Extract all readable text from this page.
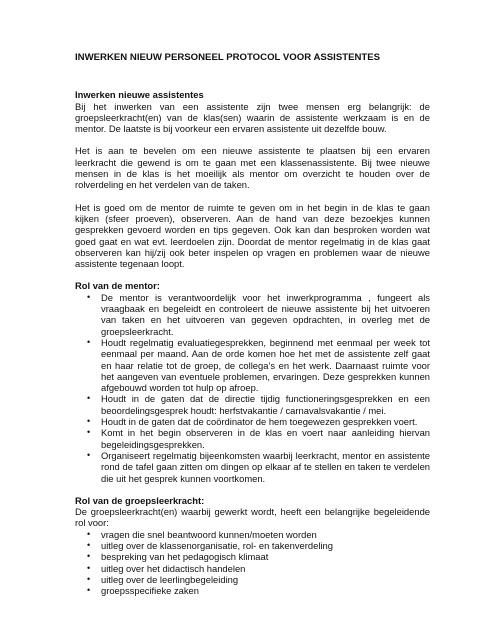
INWERKEN NIEUW PERSONEEL PROTOCOL VOOR ASSISTENTES

Inwerken nieuwe assistentes

Bij het inwerken van een assistente zijn twee mensen erg belangrijk: de groepsleerkracht(en) van de klas(sen) waarin de assistente werkzaam is en de mentor. De laatste is bij voorkeur een ervaren assistente uit dezelfde bouw.

Het is aan te bevelen om een nieuwe assistente te plaatsen bij een ervaren leerkracht die gewend is om te gaan met een klassenassistente. Bij twee nieuwe mensen in de klas is het moeilijk als mentor om overzicht te houden over de rolverdeling en het verdelen van de taken.

Het is goed om de mentor de ruimte te geven om in het begin in de klas te gaan kijken (sfeer proeven), observeren. Aan de hand van deze bezoekjes kunnen gesprekken gevoerd worden en tips gegeven. Ook kan dan besproken worden wat goed gaat en wat evt. leerdoelen zijn. Doordat de mentor regelmatig in de klas gaat observeren kan hij/zij ook beter inspelen op vragen en problemen waar de nieuwe assistente tegenaan loopt.

Rol van de mentor:

• De mentor is verantwoordelijk voor het inwerkprogramma , fungeert als vraagbaak en begeleidt en controleert de nieuwe assistente bij het uitvoeren van taken en het uitvoeren van gegeven opdrachten, in overleg met de groepsleerkracht.
• Houdt regelmatig evaluatiegesprekken, beginnend met eenmaal per week tot eenmaal per maand. Aan de orde komen hoe het met de assistente zelf gaat en haar relatie tot de groep, de collega’s en het werk. Daarnaast ruimte voor het aangeven van eventuele problemen, ervaringen. Deze gesprekken kunnen afgebouwd worden tot hulp op afroep.
• Houdt in de gaten dat de directie tijdig functioneringsgesprekken en een beoordelingsgesprek houdt: herfstvakantie / carnavalsvakantie / mei.
• Houdt in de gaten dat de coördinator de hem toegewezen gesprekken voert.
• Komt in het begin observeren in de klas en voert naar aanleiding hiervan begeleidingsgesprekken.
• Organiseert regelmatig bijeenkomsten waarbij leerkracht, mentor en assistente rond de tafel gaan zitten om dingen op elkaar af te stellen en taken te verdelen die uit het gesprek kunnen voortkomen.

Rol van de groepsleerkracht:

De groepsleerkracht(en) waarbij gewerkt wordt, heeft een belangrijke begeleidende rol voor:

• vragen die snel beantwoord kunnen/moeten worden
• uitleg over de klassenorganisatie, rol- en takenverdeling
• bespreking van het pedagogisch klimaat
• uitleg over het didactisch handelen
• uitleg over de leerlingbegeleiding
• groepsspecifieke zaken
